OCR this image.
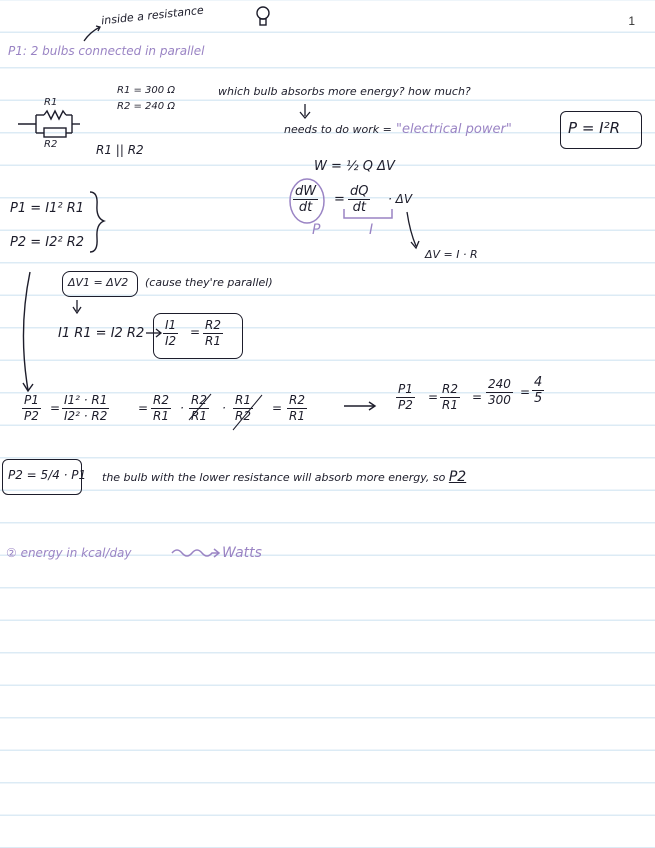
1
inside a resistance
P1: 2 bulbs connected in parallel
R1
R2
R1 = 300 Ω
R2 = 240 Ω
R1 || R2
which bulb absorbs more energy? how much?
needs to do work = "electrical power"	P = I²R
W = ½ Q ΔV
$\frac{dW}{dt} = \frac{dQ}{dt} \cdot \Delta V$
P	I
ΔV = I · R
P1 = I1² R1
P2 = I2² R2
ΔV1 = ΔV2 (cause they're parallel)
I1 R1 = I2 $R2 \frac{I1}{I2} = \frac{R2}{R1}$
$\frac{P1}{P2} = \frac{\text{I1² · R1}}{\text{I2² · R2}} = \frac{R2}{R1} \cdot \frac{R2}{R1} \cdot \frac{R1}{R2} = \frac{R2}{R1}$	$\frac{P1}{P2} = \frac{R2}{R1} = \frac{240}{300} = \frac{4}{5}$
P2 = 5/4 · P1 the bulb with the lower resistance will absorb more energy, so P2
② energy in kcal/day	Watts
